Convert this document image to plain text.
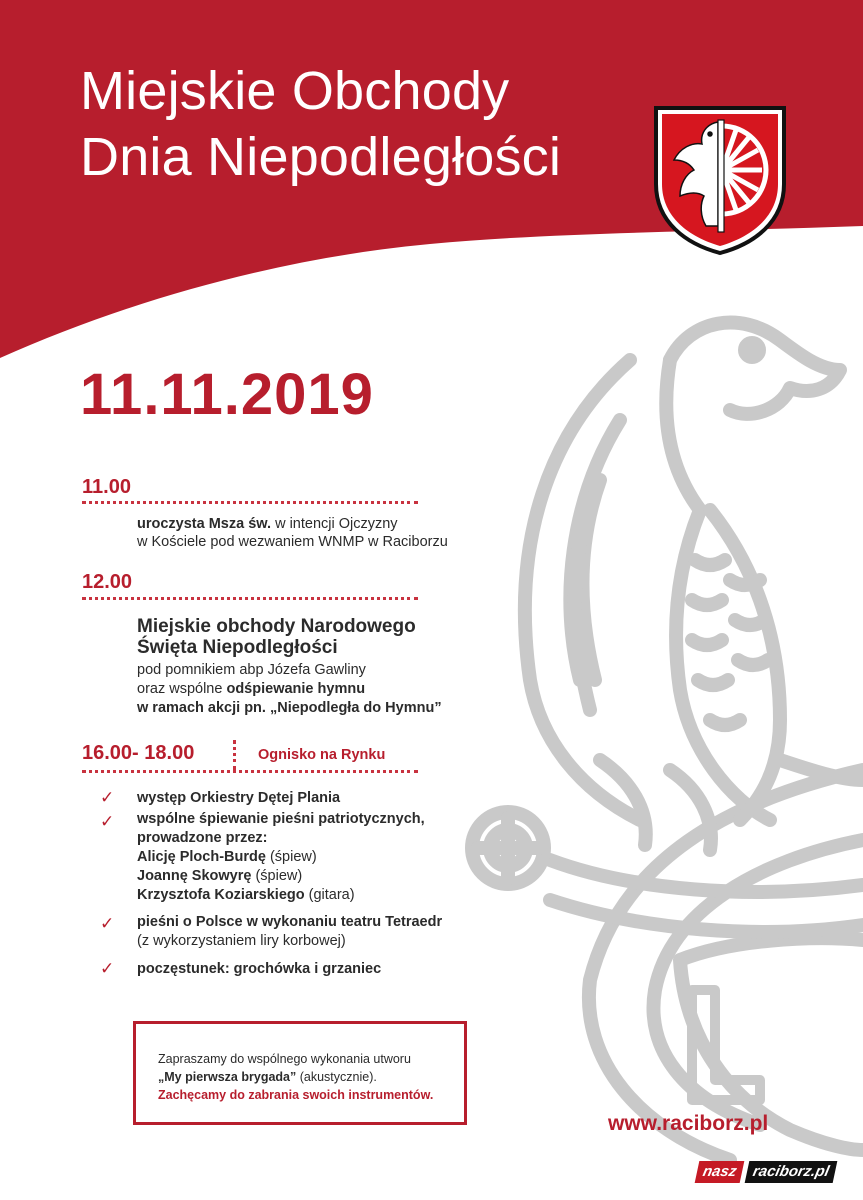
Miejskie Obchody
Dnia Niepodległości
11.11.2019
11.00
uroczysta Msza św. w intencji Ojczyzny
w Kościele pod wezwaniem WNMP w Raciborzu
12.00
Miejskie obchody Narodowego
Święta Niepodległości
pod pomnikiem abp Józefa Gawliny
oraz wspólne odśpiewanie hymnu
w ramach akcji pn. „Niepodległa do Hymnu”
16.00- 18.00	Ognisko na Rynku
✓ występ Orkiestry Dętej Plania
✓ wspólne śpiewanie pieśni patriotycznych,
prowadzone przez:
Alicję Ploch-Burdę (śpiew)
Joannę Skowyrę (śpiew)
Krzysztofa Koziarskiego (gitara)
✓ pieśni o Polsce w wykonaniu teatru Tetraedr
(z wykorzystaniem liry korbowej)
✓ poczęstunek: grochówka i grzaniec
Zapraszamy do wspólnego wykonania utworu
„My pierwsza brygada” (akustycznie).
Zachęcamy do zabrania swoich instrumentów.
www.raciborz.pl
nasz raciborz.pl
